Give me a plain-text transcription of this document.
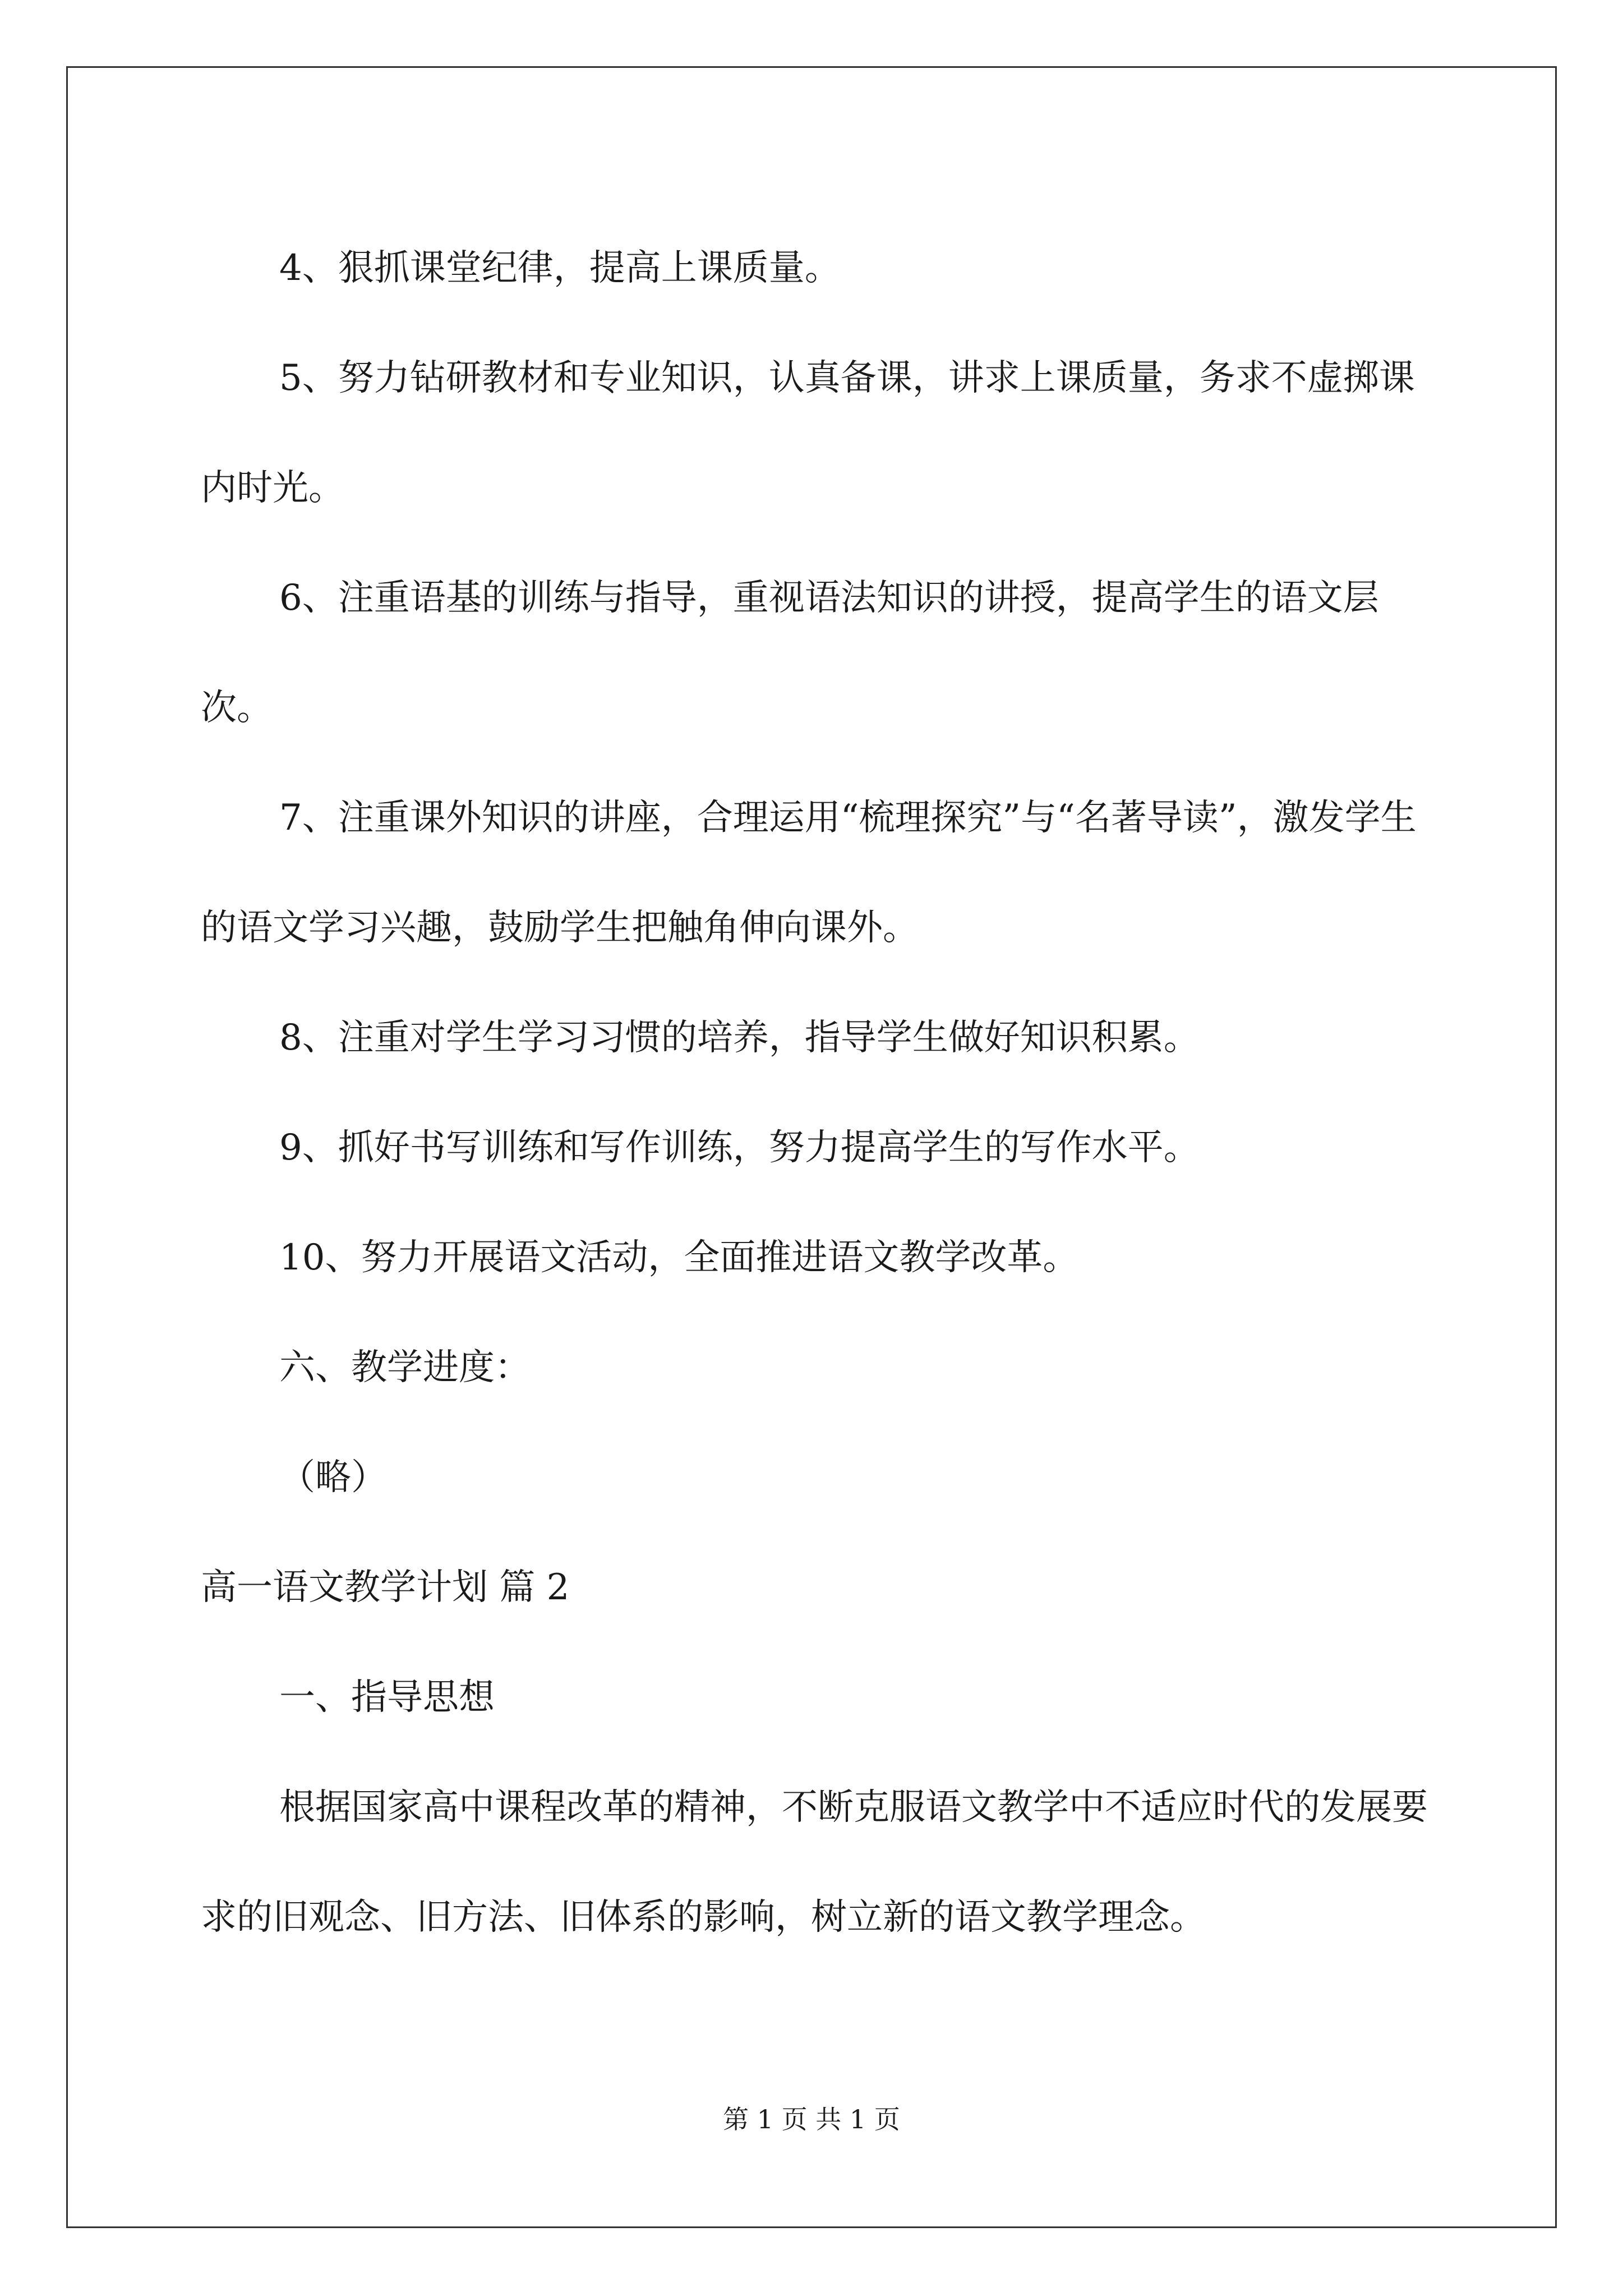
4、狠抓课堂纪律，提高上课质量。

5、努力钻研教材和专业知识，认真备课，讲求上课质量，务求不虚掷课内时光。

6、注重语基的训练与指导，重视语法知识的讲授，提高学生的语文层次。

7、注重课外知识的讲座，合理运用“梳理探究”与“名著导读”，激发学生的语文学习兴趣，鼓励学生把触角伸向课外。

8、注重对学生学习习惯的培养，指导学生做好知识积累。

9、抓好书写训练和写作训练，努力提高学生的写作水平。

10、努力开展语文活动，全面推进语文教学改革。

六、教学进度：

（略）

高一语文教学计划 篇 2

一、指导思想

根据国家高中课程改革的精神，不断克服语文教学中不适应时代的发展要求的旧观念、旧方法、旧体系的影响，树立新的语文教学理念。

第 1 页 共 1 页
